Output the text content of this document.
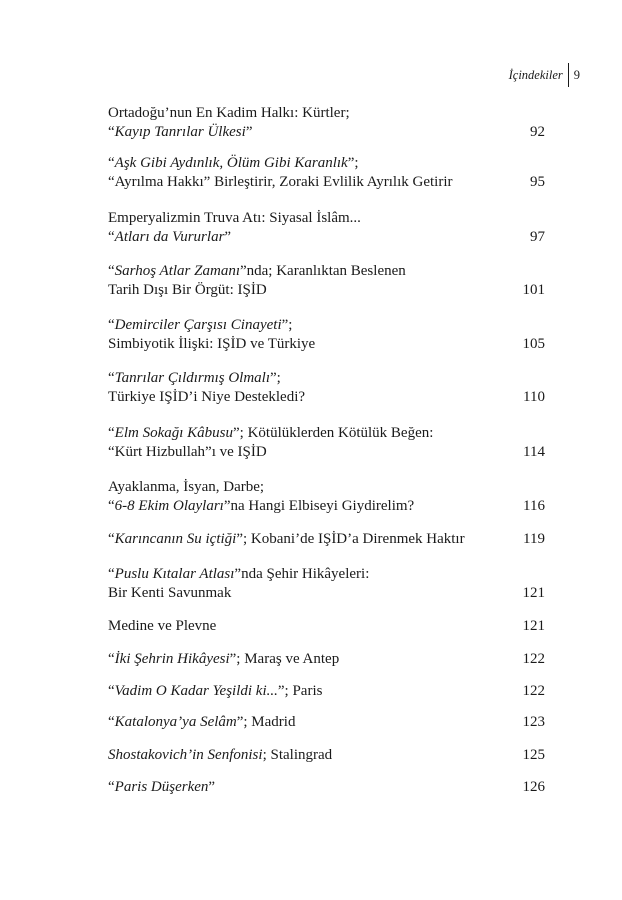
İçindekiler 9
Ortadoğu’nun En Kadim Halkı: Kürtler;
“Kayıp Tanrılar Ülkesi”	92
“Aşk Gibi Aydınlık, Ölüm Gibi Karanlık”;
“Ayrılma Hakkı” Birleştirir, Zoraki Evlilik Ayrılık Getirir	95
Emperyalizmin Truva Atı: Siyasal İslâm...
“Atları da Vururlar”	97
“Sarhoş Atlar Zamanı”nda; Karanlıktan Beslenen
Tarih Dışı Bir Örgüt: IŞİD	101
“Demirciler Çarşısı Cinayeti”;
Simbiyotik İlişki: IŞİD ve Türkiye	105
“Tanrılar Çıldırmış Olmalı”;
Türkiye IŞİD’i Niye Destekledi?	110
“Elm Sokağı Kâbusu”; Kötülüklerden Kötülük Beğen:
“Kürt Hizbullah”ı ve IŞİD	114
Ayaklanma, İsyan, Darbe;
“6-8 Ekim Olayları”na Hangi Elbiseyi Giydirelim?	116
“Karıncanın Su içtiği”; Kobani’de IŞİD’a Direnmek Haktır	119
“Puslu Kıtalar Atlası”nda Şehir Hikâyeleri:
Bir Kenti Savunmak	121
Medine ve Plevne	121
“İki Şehrin Hikâyesi”; Maraş ve Antep	122
“Vadim O Kadar Yeşildi ki...”; Paris	122
“Katalonya’ya Selâm”; Madrid	123
Shostakovich’in Senfonisi; Stalingrad	125
“Paris Düşerken”	126
